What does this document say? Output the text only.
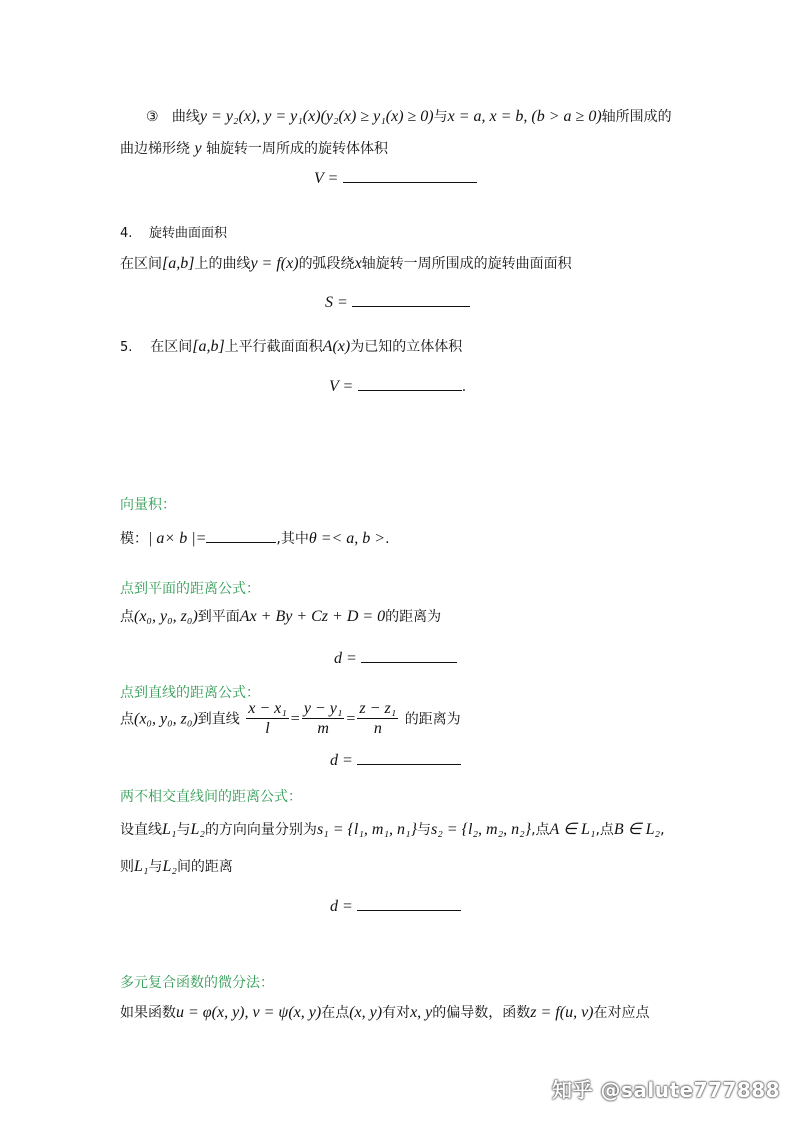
③ 曲线y = y₂(x), y = y₁(x)(y₂(x) ≥ y₁(x) ≥ 0)与x = a, x = b, (b > a ≥ 0)轴所围成的
曲边梯形绕 y 轴旋转一周所成的旋转体体积
V =
4. 旋转曲面面积
在区间[a,b]上的曲线y = f(x)的弧段绕x轴旋转一周所围成的旋转曲面面积
S =
5. 在区间[a,b]上平行截面面积A(x)为已知的立体体积
V =	.
向量积：
模：| a× b |=	,其中θ =< a, b >.
点到平面的距离公式：
点(x₀, y₀, z₀)到平面Ax + By + Cz + D = 0的距离为
d =
点到直线的距离公式：
点(x₀, y₀, z₀)到直线 $\frac{\text{x − x₁}}{l} = \frac{\text{y − y₁}}{m} = \frac{\text{z − z₁}}{n}$ 的距离为
d =
两不相交直线间的距离公式：
设直线L₁与L₂的方向向量分别为s₁ = {l₁, m₁, n₁}与s₂ = {l₂, m₂, n₂},点A ∈ L₁,点B ∈ L₂,
则L₁与L₂间的距离
d =
多元复合函数的微分法：
如果函数u = φ(x, y), v = ψ(x, y)在点(x, y)有对x, y的偏导数，函数z = f(u, v)在对应点
知乎 @salute777888
